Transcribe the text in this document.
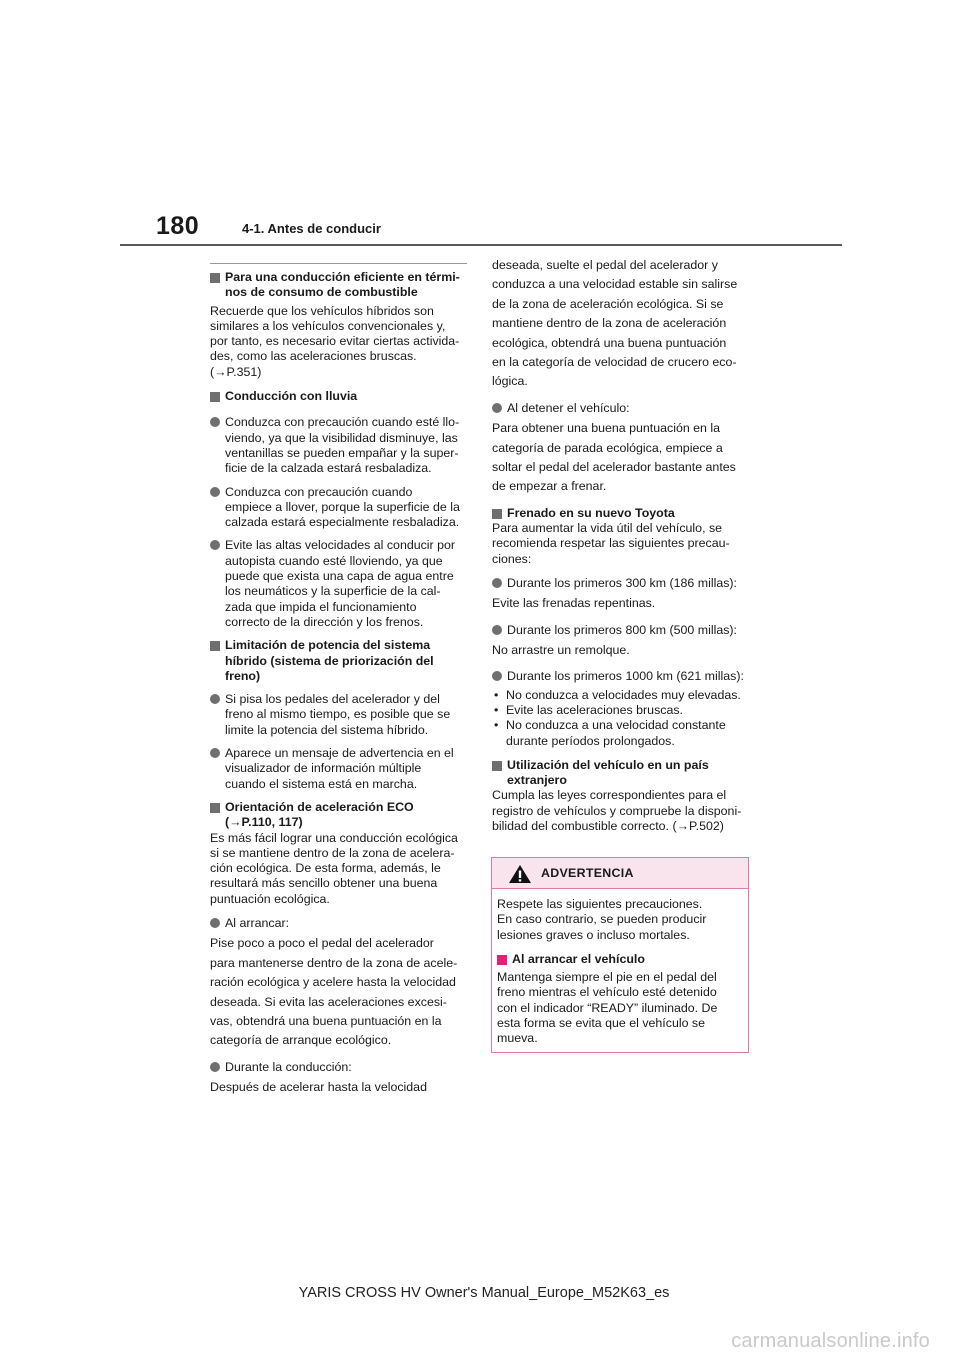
180	4-1. Antes de conducir
Para una conducción eficiente en térmi-
nos de consumo de combustible
Recuerde que los vehículos híbridos son
similares a los vehículos convencionales y,
por tanto, es necesario evitar ciertas activida-
des, como las aceleraciones bruscas.
(→P.351)
Conducción con lluvia
Conduzca con precaución cuando esté llo-
viendo, ya que la visibilidad disminuye, las
ventanillas se pueden empañar y la super-
ficie de la calzada estará resbaladiza.
Conduzca con precaución cuando
empiece a llover, porque la superficie de la
calzada estará especialmente resbaladiza.
Evite las altas velocidades al conducir por
autopista cuando esté lloviendo, ya que
puede que exista una capa de agua entre
los neumáticos y la superficie de la cal-
zada que impida el funcionamiento
correcto de la dirección y los frenos.
Limitación de potencia del sistema
híbrido (sistema de priorización del
freno)
Si pisa los pedales del acelerador y del
freno al mismo tiempo, es posible que se
limite la potencia del sistema híbrido.
Aparece un mensaje de advertencia en el
visualizador de información múltiple
cuando el sistema está en marcha.
Orientación de aceleración ECO
(→P.110, 117)
Es más fácil lograr una conducción ecológica
si se mantiene dentro de la zona de acelera-
ción ecológica. De esta forma, además, le
resultará más sencillo obtener una buena
puntuación ecológica.
Al arrancar:
Pise poco a poco el pedal del acelerador
para mantenerse dentro de la zona de acele-
ración ecológica y acelere hasta la velocidad
deseada. Si evita las aceleraciones excesi-
vas, obtendrá una buena puntuación en la
categoría de arranque ecológico.
Durante la conducción:
Después de acelerar hasta la velocidad
deseada, suelte el pedal del acelerador y
conduzca a una velocidad estable sin salirse
de la zona de aceleración ecológica. Si se
mantiene dentro de la zona de aceleración
ecológica, obtendrá una buena puntuación
en la categoría de velocidad de crucero eco-
lógica.
Al detener el vehículo:
Para obtener una buena puntuación en la
categoría de parada ecológica, empiece a
soltar el pedal del acelerador bastante antes
de empezar a frenar.
Frenado en su nuevo Toyota
Para aumentar la vida útil del vehículo, se
recomienda respetar las siguientes precau-
ciones:
Durante los primeros 300 km (186 millas):
Evite las frenadas repentinas.
Durante los primeros 800 km (500 millas):
No arrastre un remolque.
Durante los primeros 1000 km (621 millas):
• No conduzca a velocidades muy elevadas.
• Evite las aceleraciones bruscas.
• No conduzca a una velocidad constante
durante períodos prolongados.
Utilización del vehículo en un país
extranjero
Cumpla las leyes correspondientes para el
registro de vehículos y compruebe la disponi-
bilidad del combustible correcto. (→P.502)
ADVERTENCIA
Respete las siguientes precauciones.
En caso contrario, se pueden producir
lesiones graves o incluso mortales.
Al arrancar el vehículo
Mantenga siempre el pie en el pedal del
freno mientras el vehículo esté detenido
con el indicador “READY” iluminado. De
esta forma se evita que el vehículo se
mueva.
YARIS CROSS HV Owner's Manual_Europe_M52K63_es
carmanualsonline.info
